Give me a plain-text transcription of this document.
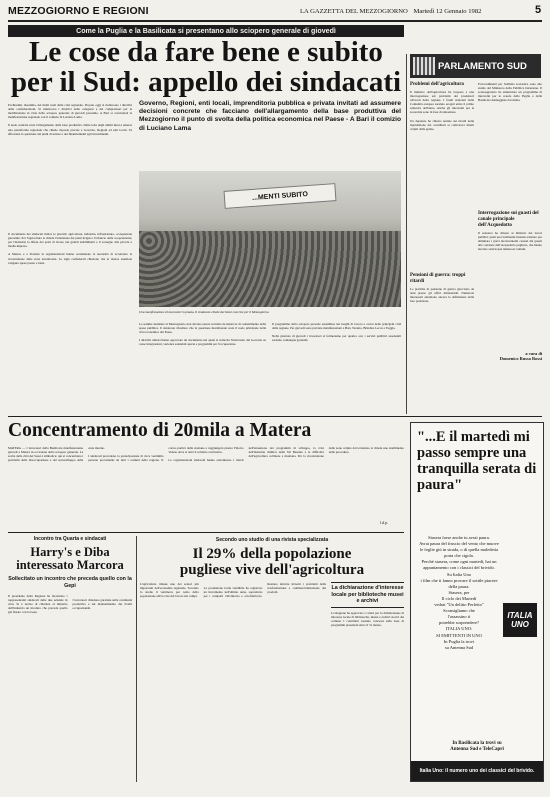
MEZZOGIORNO E REGIONI	LA GAZZETTA DEL MEZZOGIORNO Martedì 12 Gennaio 1982	5
Come la Puglia e la Basilicata si presentano allo sciopero generale di giovedì
Le cose da fare bene e subito
per il Sud: appello dei sindacati	PARLAMENTO SUD

Pochissimi, insomma, dei molti nodi della crisi regionale. Proprio oggi si riuniscono i direttivi delle confederazioni. Si riuniscono i direttivi delle categorie e dei comprensori per la mobilitazione in vista dello sciopero generale di giovedì prossimo. A Bari si concluderà la manifestazione regionale con il comizio di Luciano Lama.

Il nodo centrale resta l'allargamento della base produttiva. Dalle lotte degli ultimi mesi è emersa una piattaforma regionale che chiede risposte precise a Governo, Regioni ed enti locali. Va affrontata la questione dei piani di settore e dei finanziamenti agli investimenti.

Governo, Regioni, enti locali, imprenditoria pubblica e privata invitati ad assumere decisioni concrete che facciano dell'allargamento della base produttiva del Mezzogiorno il punto di svolta della politica economica nel Paese - A Bari il comizio di Luciano Lama
...MENTI SUBITO

Il documento dei sindacati indica le priorità: agricoltura, industria, infrastrutture, occupazione giovanile. Per l'agricoltura si chiede l'attuazione dei piani irrigui e il rilancio della cooperazione; per l'industria la difesa dei posti di lavoro nei grandi stabilimenti e il sostegno alla piccola e media impresa.

A Matera e a Potenza le organizzazioni hanno sottolineato la necessità di accelerare la ricostruzione delle zone terremotate. Le sigle confederali chiedono che le risorse stanziate vengano spese presto e bene.

Una manifestazione di lavoratori in piazza. Il sindacato chiede decisioni concrete per il Mezzogiorno.

Le somme destinate al Mezzogiorno non devono essere sottratte da manovre di contenimento della spesa pubblica. Il sindacato ribadisce che la questione meridionale resta il nodo principale della crisi economica del Paese.

I direttivi unitari hanno approvato un documento nel quale si sollecita l'intervento del Governo su casse integrazioni, vertenze aziendali aperte e programmi per l'occupazione.

Il programma dello sciopero prevede assemblee nei luoghi di lavoro e cortei nelle principali città della regione. Per giovedì sono previste manifestazioni a Bari, Taranto, Brindisi, Lecce e Foggia.

Nella giornata di giovedì i lavoratori si fermeranno per quattro ore; i servizi pubblici essenziali saranno comunque garantiti.

Problemi dell'agricoltura

Il ministro dell'agricoltura ha risposto a una interrogazione sui problemi dei produttori olivicoli della regione. I fondi stanziati dalla Comunità europea saranno erogati entro il primo semestre dell'anno. Anche gli interventi per la zootecnia sono in fase di attuazione.

Un deputato ha chiesto notizie sui ritardi nella liquidazione dei contributi ai coltivatori diretti colpiti dalle gelate.

Pensioni di guerra: troppi ritardi

Le pratiche di pensione di guerra giacciono da anni presso gli uffici ministeriali. Numerosi interessati attendono ancora la definizione della loro posizione.

Provvedimenti per l'edilizia scolastica sono allo studio del Ministero della Pubblica Istruzione. Il sottosegretario ha annunciato un programma di interventi per le scuole della Puglia e della Basilicata danneggiate dal sisma.

Interrogazione sui guasti del canale principale dell'Acquedotto

Il senatore ha chiesto al ministro dei lavori pubblici quali provvedimenti intenda adottare per eliminare i gravi inconvenienti causati dai guasti alle condotte dell'Acquedotto pugliese, che hanno lasciato senz'acqua numerosi comuni.

a cura di
Domenico Russo Rossi
Concentramento di 20mila a Matera

MATERA — I lavoratori della Basilicata manifesteranno giovedì a Matera in occasione dello sciopero generale. La scelta della città dei Sassi è simbolica: qui si concentrano i problemi della disoccupazione e del sottosviluppo delle zone interne.

I sindacati prevedono la partecipazione di circa ventimila persone provenienti da tutti i comuni della regione. Il corteo partirà dalla stazione e raggiungerà piazza Vittorio Veneto dove si terrà il comizio conclusivo.

Le organizzazioni sindacali hanno sottolineato i ritardi nell'attuazione dei programmi di sviluppo, la crisi dell'industria chimica della Val Basento e le difficoltà dell'agricoltura collinare e montana. Per la ricostruzione delle zone colpite dal terremoto si chiede uno snellimento delle procedure.

l.d.p.
"...E il martedì mi passo sempre una tranquilla serata di paura"
Stasera forse anche tu avrai paura.
Avrai paura del fruscio del vento che muove le foglie giù in strada, o di quella maledetta porta che cigola.
Perché stasera, come ogni martedì, hai un appuntamento con i classici del brivido.
Su Italia Uno
i film che ti fanno provare il sottile piacere della paura.
Stasera, per
Il ciclo dei Martedì
vedrai "Un delitto Perfetto"
Sconsigliamo che
l'assassino ti
potrebbe sorprendere?
ITALIA UNO:
SI EMITTENTI IN UNO
In Puglia la trovi
su Antenna Sud
ITALIA
UNO
In Basilicata la trovi su
Antenna Sud e TeleCapri
Italia Uno: il numero uno dei classici del brivido.
Incontro tra Quarta e sindacati
Harry's e Diba interessato Marcora
Sollecitato un incontro che preceda quello con la Gepi

Il presidente della Regione ha incontrato i rappresentanti sindacali delle due aziende in crisi. Si è deciso di chiedere al ministro dell'industria un incontro che preceda quello già fissato con la Gepi.

I lavoratori chiedono garanzie sulla continuità produttiva e sul mantenimento dei livelli occupazionali.

Secondo uno studio di una rivista specializzata
Il 29% della popolazione
pugliese vive dell'agricoltura

L'agricoltura rimane uno dei settori più importanti dell'economia regionale. Secondo lo studio il ventinove per cento della popolazione attiva vive del lavoro nei campi.

La produzione lorda vendibile ha registrato un incremento nell'ultimo anno, soprattutto per i comparti vitivinicolo e ortofrutticolo. Restano tuttavia irrisolti i problemi della trasformazione e commercializzazione dei prodotti.

La dichiarazione d'interesse locale per biblioteche musei e archivi

La Regione ha approvato i criteri per la dichiarazione di interesse locale di biblioteche, musei e archivi storici dei comuni. I contributi saranno concessi sulla base di programmi presentati entro il 31 marzo.
